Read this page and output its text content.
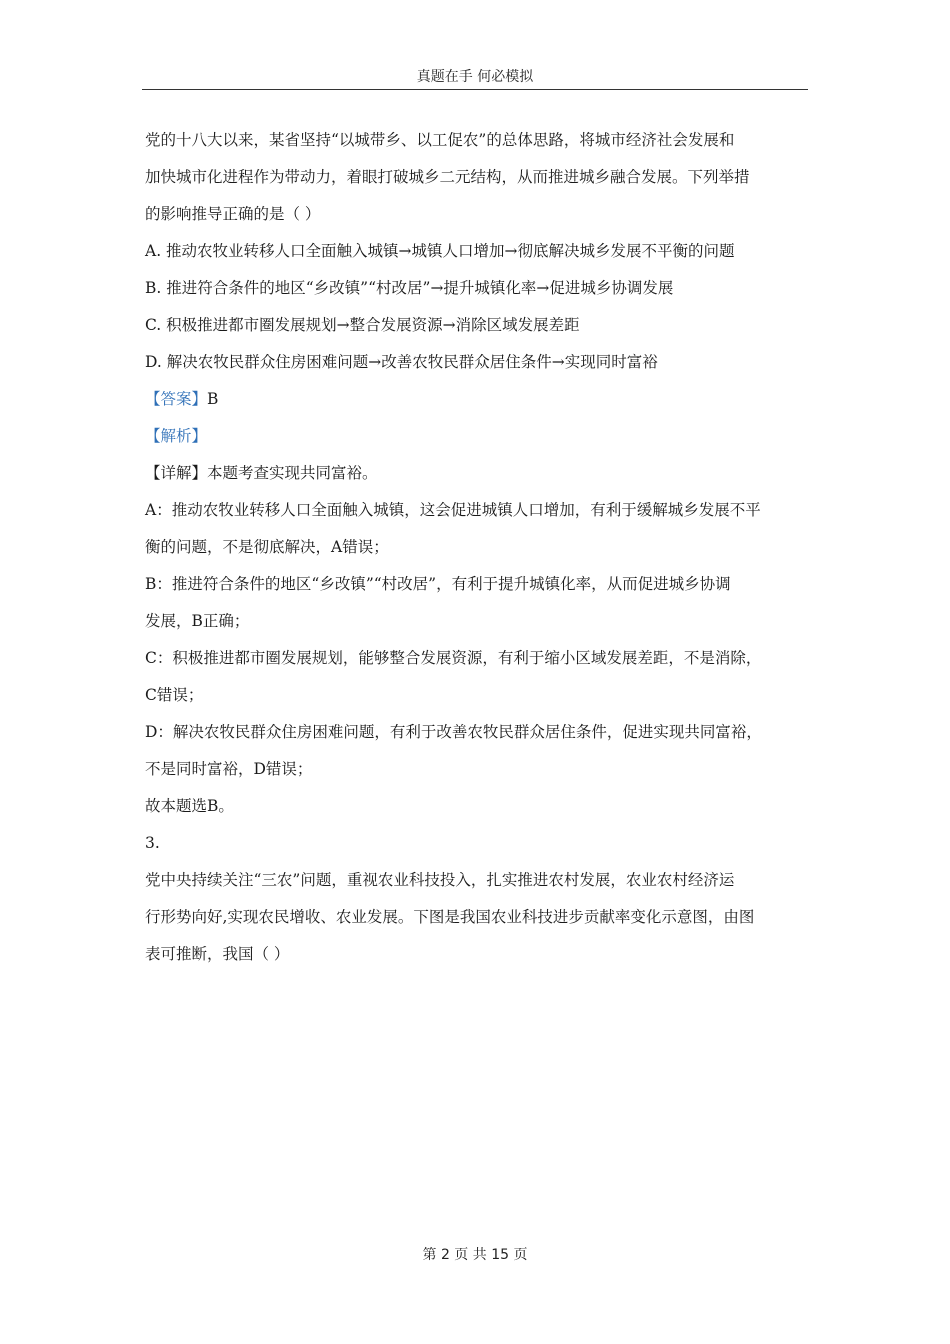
真题在手 何必模拟
党的十八大以来，某省坚持“以城带乡、以工促农”的总体思路，将城市经济社会发展和
加快城市化进程作为带动力，着眼打破城乡二元结构，从而推进城乡融合发展。下列举措
的影响推导正确的是（ ）
A. 推动农牧业转移人口全面触入城镇→城镇人口增加→彻底解决城乡发展不平衡的问题
B. 推进符合条件的地区“乡改镇”“村改居”→提升城镇化率→促进城乡协调发展
C. 积极推进都市圈发展规划→整合发展资源→消除区域发展差距
D. 解决农牧民群众住房困难问题→改善农牧民群众居住条件→实现同时富裕
【答案】B
【解析】
【详解】本题考查实现共同富裕。
A：推动农牧业转移人口全面触入城镇，这会促进城镇人口增加，有利于缓解城乡发展不平
衡的问题，不是彻底解决，A错误；
B：推进符合条件的地区“乡改镇”“村改居”，有利于提升城镇化率，从而促进城乡协调
发展，B正确；
C：积极推进都市圈发展规划，能够整合发展资源，有利于缩小区域发展差距，不是消除，
C错误；
D：解决农牧民群众住房困难问题，有利于改善农牧民群众居住条件，促进实现共同富裕，
不是同时富裕，D错误；
故本题选B。
3.
党中央持续关注“三农”问题，重视农业科技投入，扎实推进农村发展，农业农村经济运
行形势向好,实现农民增收、农业发展。下图是我国农业科技进步贡献率变化示意图，由图
表可推断，我国（ ）
第 2 页 共 15 页
